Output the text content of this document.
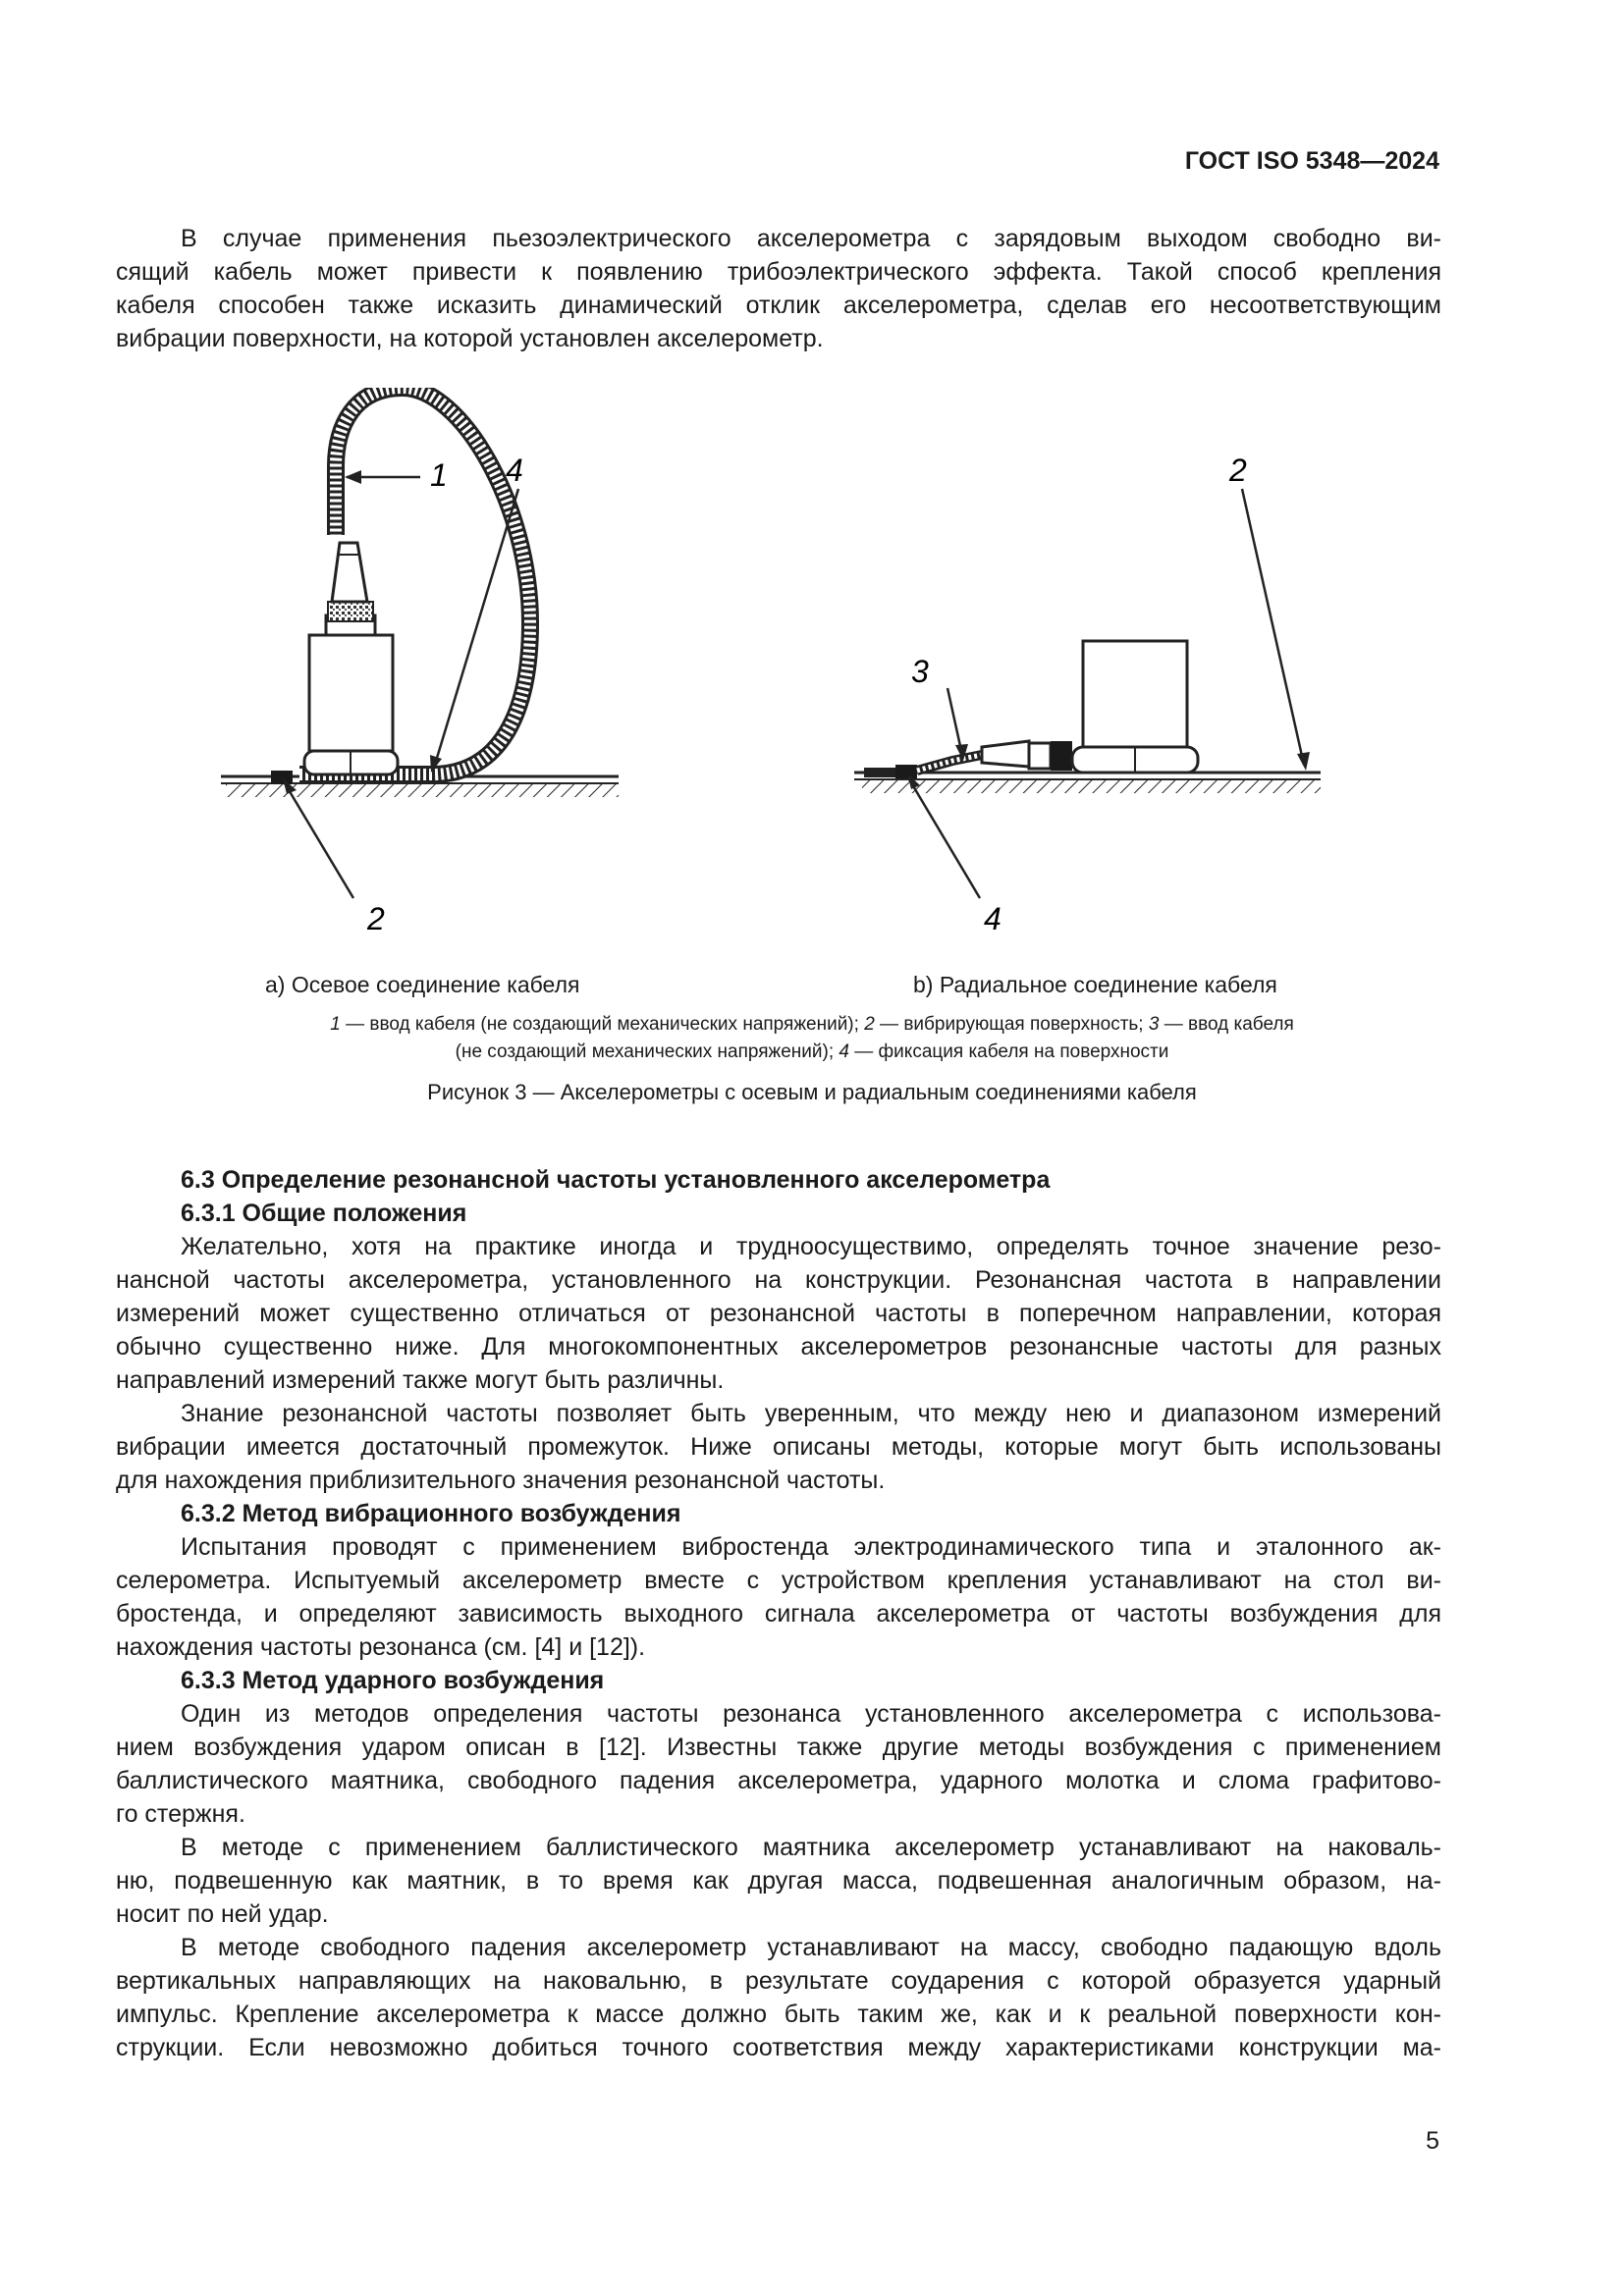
ГОСТ ISO 5348—2024
В случае применения пьезоэлектрического акселерометра с зарядовым выходом свободно ви-
сящий кабель может привести к появлению трибоэлектрического эффекта. Такой способ крепления
кабеля способен также исказить динамический отклик акселерометра, сделав его несоответствующим
вибрации поверхности, на которой установлен акселерометр.
1 4
2
2
3
4
а) Осевое соединение кабеля	b) Радиальное соединение кабеля
1 — ввод кабеля (не создающий механических напряжений); 2 — вибрирующая поверхность; 3 — ввод кабеля
(не создающий механических напряжений); 4 — фиксация кабеля на поверхности
Рисунок 3 — Акселерометры с осевым и радиальным соединениями кабеля
6.3 Определение резонансной частоты установленного акселерометра
6.3.1 Общие положения
Желательно, хотя на практике иногда и трудноосуществимо, определять точное значение резо-
нансной частоты акселерометра, установленного на конструкции. Резонансная частота в направлении
измерений может существенно отличаться от резонансной частоты в поперечном направлении, которая
обычно существенно ниже. Для многокомпонентных акселерометров резонансные частоты для разных
направлений измерений также могут быть различны.
Знание резонансной частоты позволяет быть уверенным, что между нею и диапазоном измерений
вибрации имеется достаточный промежуток. Ниже описаны методы, которые могут быть использованы
для нахождения приблизительного значения резонансной частоты.
6.3.2 Метод вибрационного возбуждения
Испытания проводят с применением вибростенда электродинамического типа и эталонного ак-
селерометра. Испытуемый акселерометр вместе с устройством крепления устанавливают на стол ви-
бростенда, и определяют зависимость выходного сигнала акселерометра от частоты возбуждения для
нахождения частоты резонанса (см. [4] и [12]).
6.3.3 Метод ударного возбуждения
Один из методов определения частоты резонанса установленного акселерометра с использова-
нием возбуждения ударом описан в [12]. Известны также другие методы возбуждения с применением
баллистического маятника, свободного падения акселерометра, ударного молотка и слома графитово-
го стержня.
В методе с применением баллистического маятника акселерометр устанавливают на наковаль-
ню, подвешенную как маятник, в то время как другая масса, подвешенная аналогичным образом, на-
носит по ней удар.
В методе свободного падения акселерометр устанавливают на массу, свободно падающую вдоль
вертикальных направляющих на наковальню, в результате соударения с которой образуется ударный
импульс. Крепление акселерометра к массе должно быть таким же, как и к реальной поверхности кон-
струкции. Если невозможно добиться точного соответствия между характеристиками конструкции ма-
5
